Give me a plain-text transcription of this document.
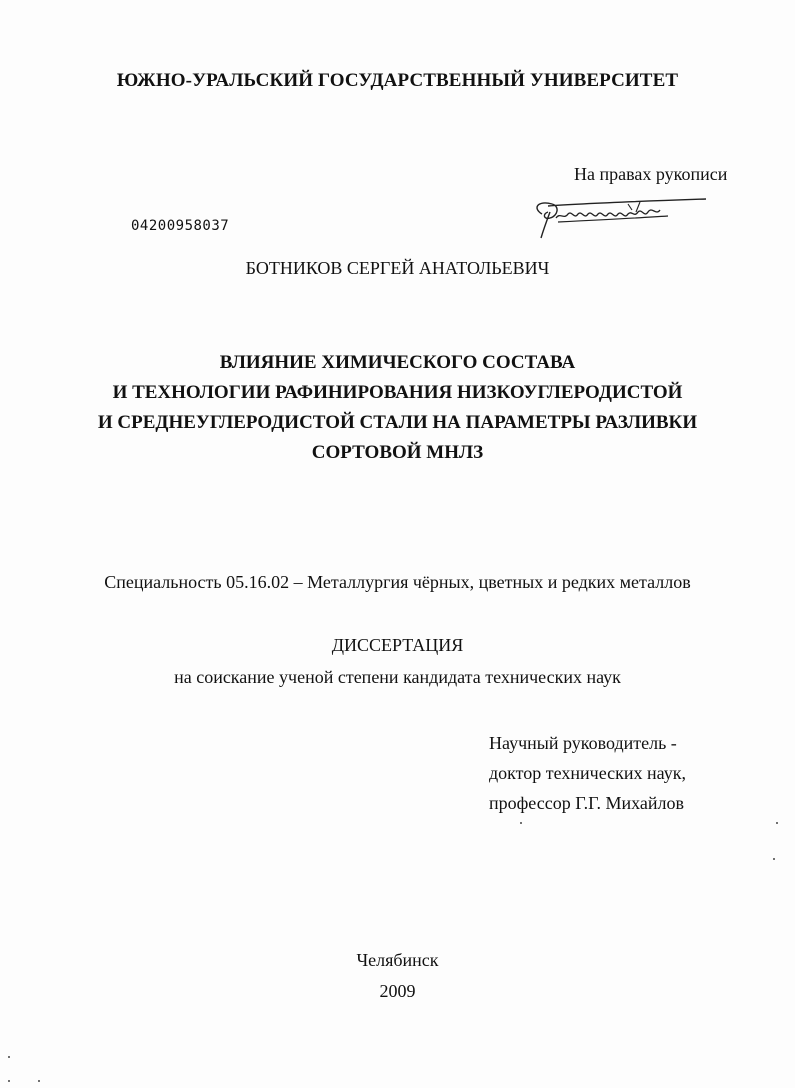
ЮЖНО-УРАЛЬСКИЙ ГОСУДАРСТВЕННЫЙ УНИВЕРСИТЕТ
На правах рукописи
04200958037
БОТНИКОВ СЕРГЕЙ АНАТОЛЬЕВИЧ
ВЛИЯНИЕ ХИМИЧЕСКОГО СОСТАВА
И ТЕХНОЛОГИИ РАФИНИРОВАНИЯ НИЗКОУГЛЕРОДИСТОЙ
И СРЕДНЕУГЛЕРОДИСТОЙ СТАЛИ НА ПАРАМЕТРЫ РАЗЛИВКИ
СОРТОВОЙ МНЛЗ
Специальность 05.16.02 – Металлургия чёрных, цветных и редких металлов
ДИССЕРТАЦИЯ
на соискание ученой степени кандидата технических наук
Научный руководитель -
доктор технических наук,
профессор Г.Г. Михайлов
Челябинск
2009
